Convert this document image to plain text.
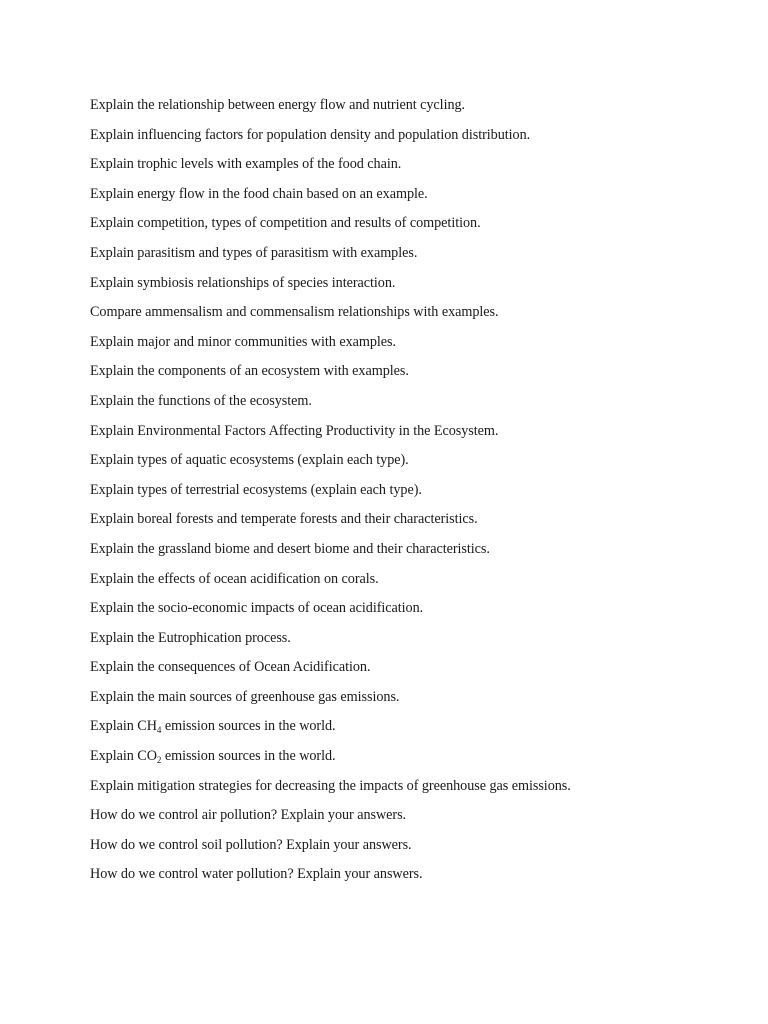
Explain the relationship between energy flow and nutrient cycling.
Explain influencing factors for population density and population distribution.
Explain trophic levels with examples of the food chain.
Explain energy flow in the food chain based on an example.
Explain competition, types of competition and results of competition.
Explain parasitism and types of parasitism with examples.
Explain symbiosis relationships of species interaction.
Compare ammensalism and commensalism relationships with examples.
Explain major and minor communities with examples.
Explain the components of an ecosystem with examples.
Explain the functions of the ecosystem.
Explain Environmental Factors Affecting Productivity in the Ecosystem.
Explain types of aquatic ecosystems (explain each type).
Explain types of terrestrial ecosystems (explain each type).
Explain boreal forests and temperate forests and their characteristics.
Explain the grassland biome and desert biome and their characteristics.
Explain the effects of ocean acidification on corals.
Explain the socio-economic impacts of ocean acidification.
Explain the Eutrophication process.
Explain the consequences of Ocean Acidification.
Explain the main sources of greenhouse gas emissions.
Explain $CH_4$ emission sources in the world.
Explain $CO_2$ emission sources in the world.
Explain mitigation strategies for decreasing the impacts of greenhouse gas emissions.
How do we control air pollution? Explain your answers.
How do we control soil pollution? Explain your answers.
How do we control water pollution? Explain your answers.
